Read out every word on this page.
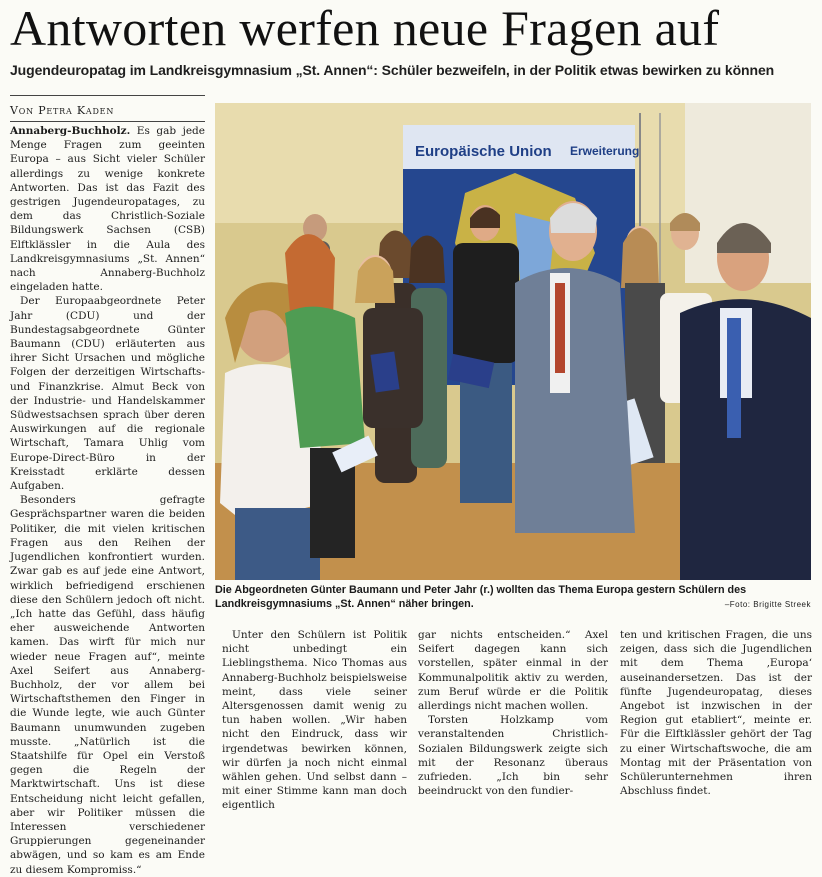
Antworten werfen neue Fragen auf
Jugendeuropatag im Landkreisgymnasium „St. Annen“: Schüler bezweifeln, in der Politik etwas bewirken zu können
Von Petra Kaden

Annaberg-Buchholz. Es gab jede Menge Fragen zum geeinten Europa – aus Sicht vieler Schüler allerdings zu wenige konkrete Antworten. Das ist das Fazit des gestrigen Jugendeuropatages, zu dem das Christlich-Soziale Bildungswerk Sachsen (CSB) Elftklässler in die Aula des Landkreisgymnasiums „St. Annen“ nach Annaberg-Buchholz eingeladen hatte.

Der Europaabgeordnete Peter Jahr (CDU) und der Bundestagsabgeordnete Günter Baumann (CDU) erläuterten aus ihrer Sicht Ursachen und mögliche Folgen der derzeitigen Wirtschafts- und Finanzkrise. Almut Beck von der Industrie- und Handelskammer Südwestsachsen sprach über deren Auswirkungen auf die regionale Wirtschaft, Tamara Uhlig vom Europe-Direct-Büro in der Kreisstadt erklärte dessen Aufgaben.

Besonders gefragte Gesprächspartner waren die beiden Politiker, die mit vielen kritischen Fragen aus den Reihen der Jugendlichen konfrontiert wurden. Zwar gab es auf jede eine Antwort, wirklich befriedigend erschienen diese den Schülern jedoch oft nicht. „Ich hatte das Gefühl, dass häufig eher ausweichende Antworten kamen. Das wirft für mich nur wieder neue Fragen auf“, meinte Axel Seifert aus Annaberg-Buchholz, der vor allem bei Wirtschaftsthemen den Finger in die Wunde legte, wie auch Günter Baumann unumwunden zugeben musste. „Natürlich ist die Staatshilfe für Opel ein Verstoß gegen die Regeln der Marktwirtschaft. Uns ist diese Entscheidung nicht leicht gefallen, aber wir Politiker müssen die Interessen verschiedener Gruppierungen gegeneinander abwägen, und so kam es am Ende zu diesem Kompromiss.“

Europäische Union Erweiterung
Die Abgeordneten Günter Baumann und Peter Jahr (r.) wollten das Thema Europa gestern Schülern des Landkreisgymnasiums „St. Annen“ näher bringen.	–Foto: Brigitte Streek

Unter den Schülern ist Politik nicht unbedingt ein Lieblingsthema. Nico Thomas aus Annaberg-Buchholz beispielsweise meint, dass viele seiner Altersgenossen damit wenig zu tun haben wollen. „Wir haben nicht den Eindruck, dass wir irgendetwas bewirken können, wir dürfen ja noch nicht einmal wählen gehen. Und selbst dann – mit einer Stimme kann man doch eigentlich

gar nichts entscheiden.“ Axel Seifert dagegen kann sich vorstellen, später einmal in der Kommunalpolitik aktiv zu werden, zum Beruf würde er die Politik allerdings nicht machen wollen.

Torsten Holzkamp vom veranstaltenden Christlich-Sozialen Bildungswerk zeigte sich mit der Resonanz überaus zufrieden. „Ich bin sehr beeindruckt von den fundier-

ten und kritischen Fragen, die uns zeigen, dass sich die Jugendlichen mit dem Thema ‚Europa‘ auseinandersetzen. Das ist der fünfte Jugendeuropatag, dieses Angebot ist inzwischen in der Region gut etabliert“, meinte er. Für die Elftklässler gehört der Tag zu einer Wirtschaftswoche, die am Montag mit der Präsentation von Schülerunternehmen ihren Abschluss findet.
